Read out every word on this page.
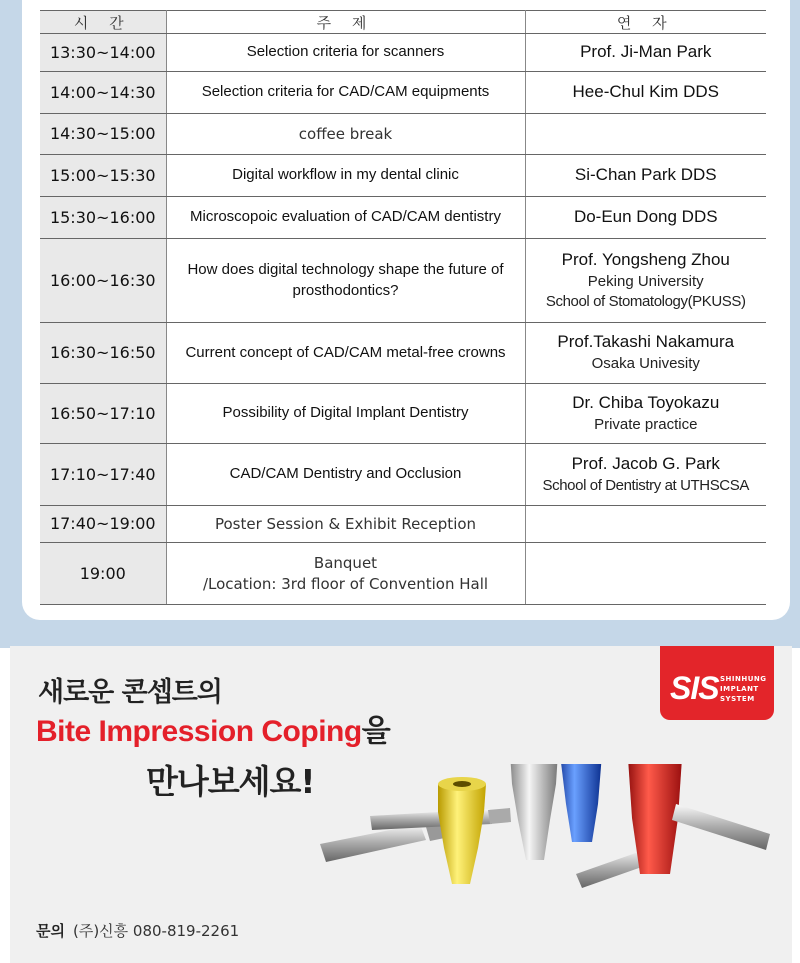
시 간	주 제	연 자
13:30~14:00	Selection criteria for scanners	Prof. Ji-Man Park

14:00~14:30	Selection criteria for CAD/CAM equipments	Hee-Chul Kim DDS

14:30~15:00	coffee break	
15:00~15:30	Digital workflow in my dental clinic	Si-Chan Park DDS

15:30~16:00	Microscopoic evaluation of CAD/CAM dentistry	Do-Eun Dong DDS

16:00~16:30	How does digital technology shape the future of prosthodontics?	Prof. Yongsheng Zhou
Peking University
School of Stomatology(PKUSS)

16:30~16:50	Current concept of CAD/CAM metal-free crowns	Prof.Takashi Nakamura
Osaka Univesity

16:50~17:10	Possibility of Digital Implant Dentistry	Dr. Chiba Toyokazu
Private practice

17:10~17:40	CAD/CAM Dentistry and Occlusion	Prof. Jacob G. Park
School of Dentistry at UTHSCSA

17:40~19:00	Poster Session & Exhibit Reception	
19:00	Banquet
/Location: 3rd floor of Convention Hall	

새로운 콘셉트의
Bite Impression Coping을
만나보세요!
SIS SHINHUNG
IMPLANT
SYSTEM
문의 (주)신흥 080-819-2261
